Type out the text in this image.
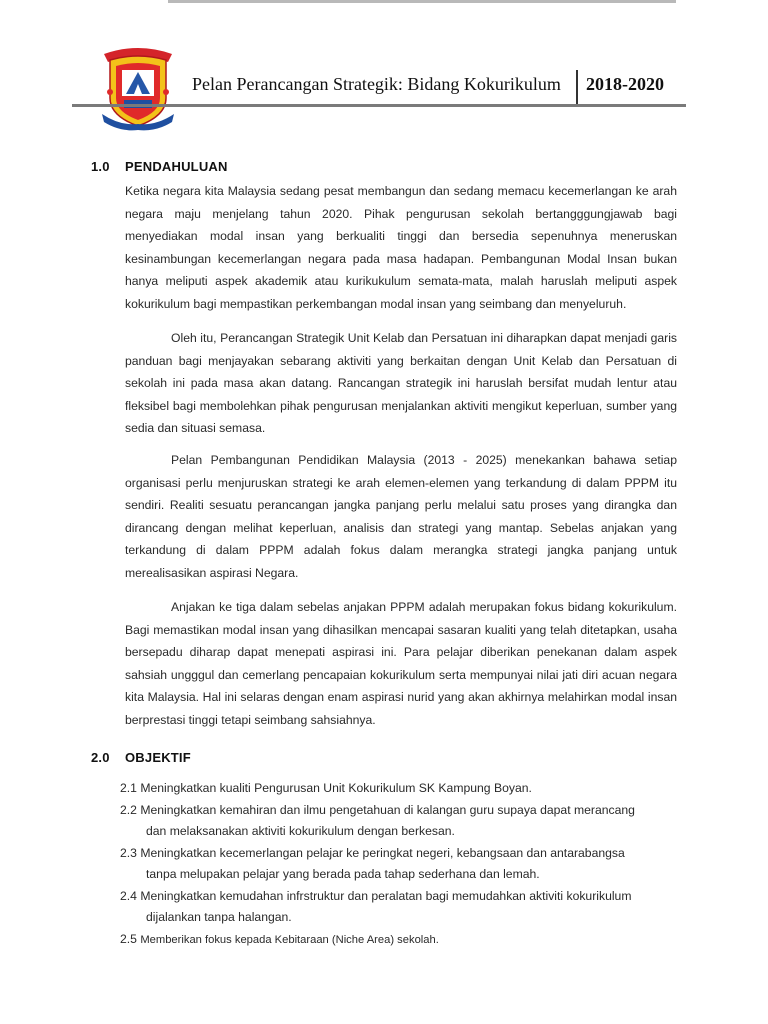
Pelan Perancangan Strategik: Bidang Kokurikulum 2018-2020
1.0 PENDAHULUAN
Ketika negara kita Malaysia sedang pesat membangun dan sedang memacu kecemerlangan ke arah negara maju menjelang tahun 2020. Pihak pengurusan sekolah bertangggungjawab bagi menyediakan modal insan yang berkualiti tinggi dan bersedia sepenuhnya meneruskan kesinambungan kecemerlangan negara pada masa hadapan. Pembangunan Modal Insan bukan hanya meliputi aspek akademik atau kurikukulum semata-mata, malah haruslah meliputi aspek kokurikulum bagi mempastikan perkembangan modal insan yang seimbang dan menyeluruh.
Oleh itu, Perancangan Strategik Unit Kelab dan Persatuan ini diharapkan dapat menjadi garis panduan bagi menjayakan sebarang aktiviti yang berkaitan dengan Unit Kelab dan Persatuan di sekolah ini pada masa akan datang. Rancangan strategik ini haruslah bersifat mudah lentur atau fleksibel bagi membolehkan pihak pengurusan menjalankan aktiviti mengikut keperluan, sumber yang sedia dan situasi semasa.
Pelan Pembangunan Pendidikan Malaysia (2013 - 2025) menekankan bahawa setiap organisasi perlu menjuruskan strategi ke arah elemen-elemen yang terkandung di dalam PPPM itu sendiri. Realiti sesuatu perancangan jangka panjang perlu melalui satu proses yang dirangka dan dirancang dengan melihat keperluan, analisis dan strategi yang mantap. Sebelas anjakan yang terkandung di dalam PPPM adalah fokus dalam merangka strategi jangka panjang untuk merealisasikan aspirasi Negara.
Anjakan ke tiga dalam sebelas anjakan PPPM adalah merupakan fokus bidang kokurikulum. Bagi memastikan modal insan yang dihasilkan mencapai sasaran kualiti yang telah ditetapkan, usaha bersepadu diharap dapat menepati aspirasi ini. Para pelajar diberikan penekanan dalam aspek sahsiah ungggul dan cemerlang pencapaian kokurikulum serta mempunyai nilai jati diri acuan negara kita Malaysia. Hal ini selaras dengan enam aspirasi nurid yang akan akhirnya melahirkan modal insan berprestasi tinggi tetapi seimbang sahsiahnya.
2.0 OBJEKTIF
2.1 Meningkatkan kualiti Pengurusan Unit Kokurikulum SK Kampung Boyan.
2.2 Meningkatkan kemahiran dan ilmu pengetahuan di kalangan guru supaya dapat merancang
dan melaksanakan aktiviti kokurikulum dengan berkesan.
2.3 Meningkatkan kecemerlangan pelajar ke peringkat negeri, kebangsaan dan antarabangsa
tanpa melupakan pelajar yang berada pada tahap sederhana dan lemah.
2.4 Meningkatkan kemudahan infrstruktur dan peralatan bagi memudahkan aktiviti kokurikulum
dijalankan tanpa halangan.
2.5 Memberikan fokus kepada Kebitaraan (Niche Area) sekolah.
